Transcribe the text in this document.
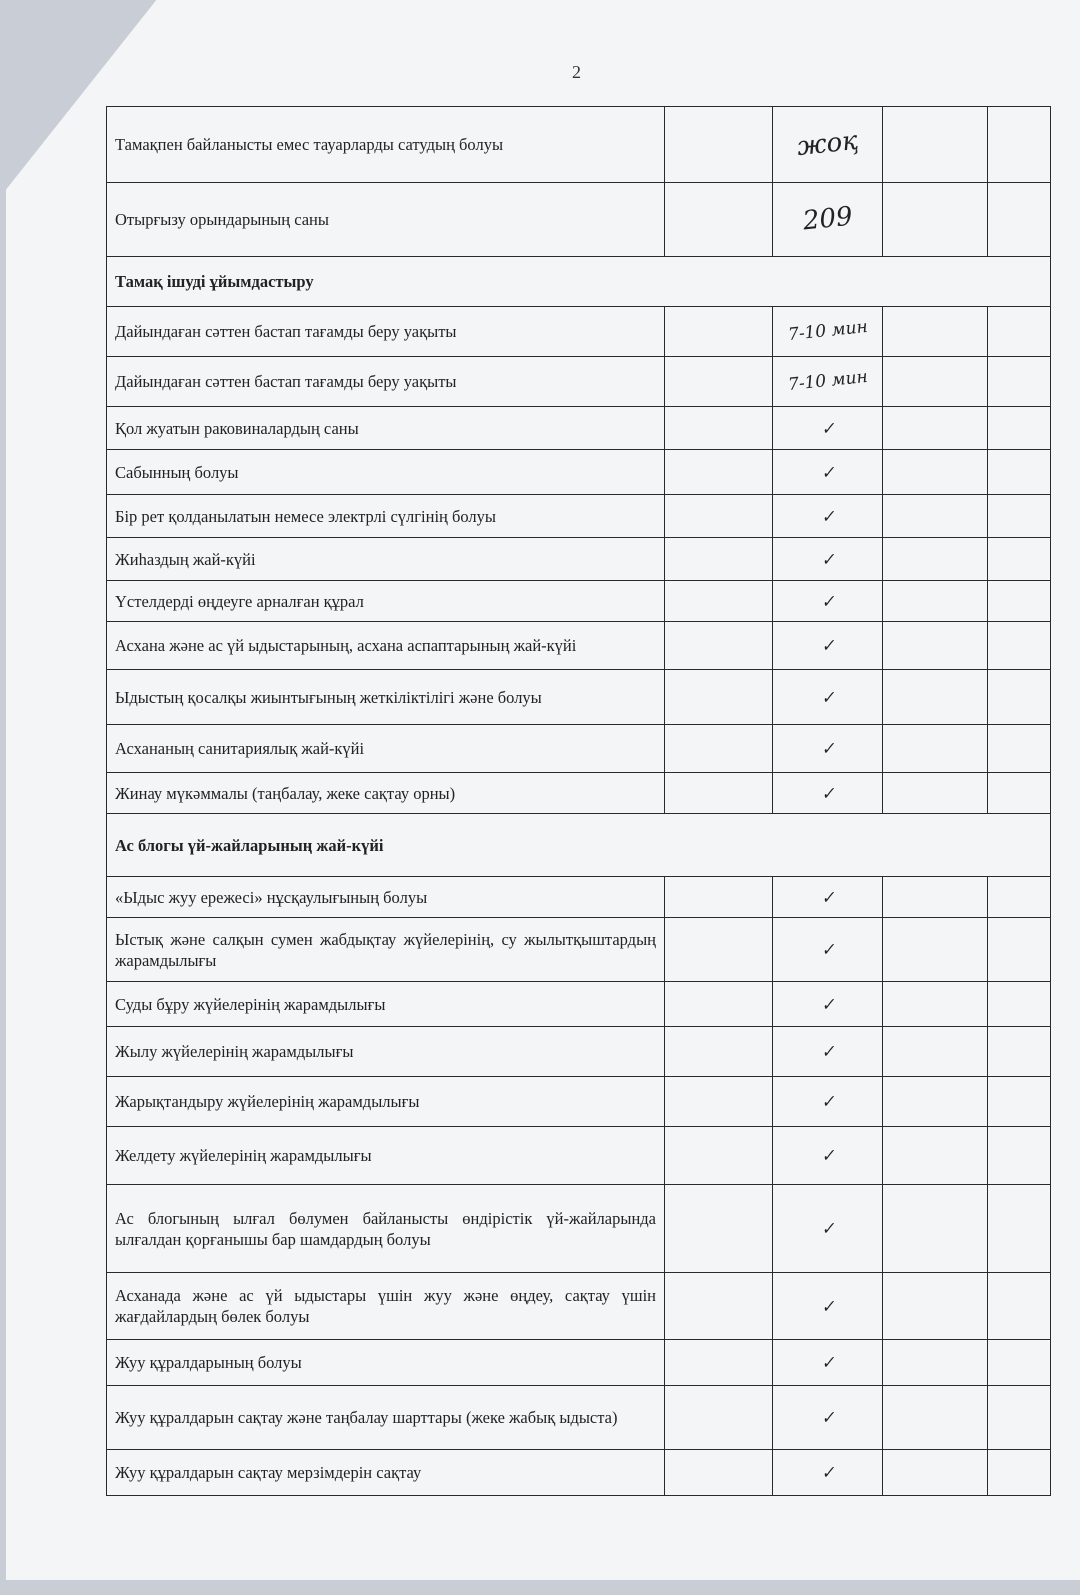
2
Тамақпен байланысты емес тауарларды сатудың болуы		жоқ		
Отырғызу орындарының саны		209		
Тамақ ішуді ұйымдастыру				
Дайындаған сәттен бастап тағамды беру уақыты		7-10 мин		
Дайындаған сәттен бастап тағамды беру уақыты		7-10 мин		
Қол жуатын раковиналардың саны		✓		
Сабынның болуы		✓		
Бір рет қолданылатын немесе электрлі сүлгінің болуы		✓		
Жиһаздың жай-күйі		✓		
Үстелдерді өңдеуге арналған құрал		✓		
Асхана және ас үй ыдыстарының, асхана аспаптарының жай-күйі		✓		
Ыдыстың қосалқы жиынтығының жеткіліктілігі және болуы		✓		
Асхананың санитариялық жай-күйі		✓		
Жинау мүкәммалы (таңбалау, жеке сақтау орны)		✓		
Ас блогы үй-жайларының жай-күйі				
«Ыдыс жуу ережесі» нұсқаулығының болуы		✓		
Ыстық және салқын сумен жабдықтау жүйелерінің, су жылытқыштардың жарамдылығы		✓		
Суды бұру жүйелерінің жарамдылығы		✓		
Жылу жүйелерінің жарамдылығы		✓		
Жарықтандыру жүйелерінің жарамдылығы		✓		
Желдету жүйелерінің жарамдылығы		✓		
Ас блогының ылғал бөлумен байланысты өндірістік үй-жайларында ылғалдан қорғанышы бар шамдардың болуы		✓		
Асханада және ас үй ыдыстары үшін жуу және өңдеу, сақтау үшін жағдайлардың бөлек болуы		✓		
Жуу құралдарының болуы		✓		
Жуу құралдарын сақтау және таңбалау шарттары (жеке жабық ыдыста)		✓		
Жуу құралдарын сақтау мерзімдерін сақтау		✓		
